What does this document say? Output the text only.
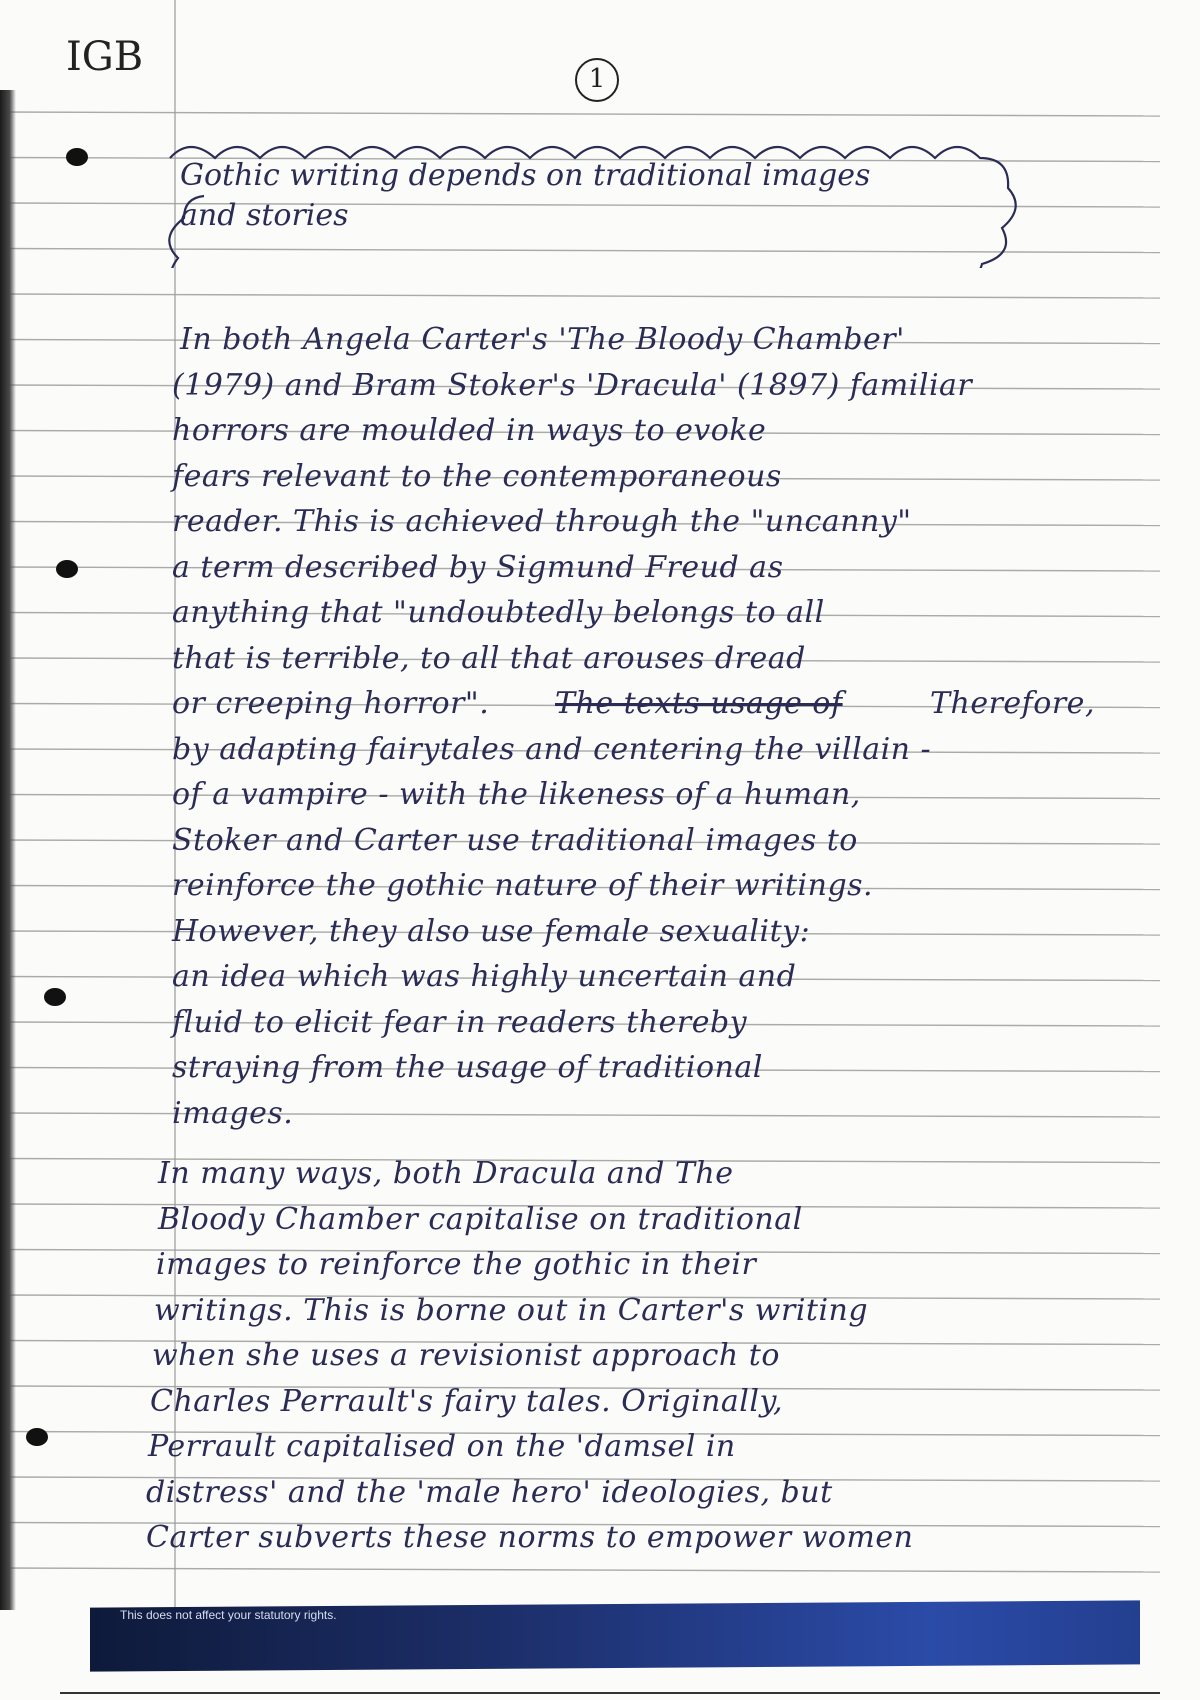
IGB	1
Gothic writing depends on traditional images
and stories
In both Angela Carter's 'The Bloody Chamber'
(1979) and Bram Stoker's 'Dracula' (1897) familiar
horrors are moulded in ways to evoke
fears relevant to the contemporaneous
reader. This is achieved through the "uncanny"
a term described by Sigmund Freud as
anything that "undoubtedly belongs to all
that is terrible, to all that arouses dread
or creeping horror".
by adapting fairytales and centering the villain -
of a vampire - with the likeness of a human,
Stoker and Carter use traditional images to
reinforce the gothic nature of their writings.
However, they also use female sexuality:
an idea which was highly uncertain and
fluid to elicit fear in readers thereby
straying from the usage of traditional
images.
The texts usage of	Therefore,
In many ways, both Dracula and The
Bloody Chamber capitalise on traditional
images to reinforce the gothic in their
writings. This is borne out in Carter's writing
when she uses a revisionist approach to
Charles Perrault's fairy tales. Originally,
Perrault capitalised on the 'damsel in
distress' and the 'male hero' ideologies, but
Carter subverts these norms to empower women
This does not affect your statutory rights.
